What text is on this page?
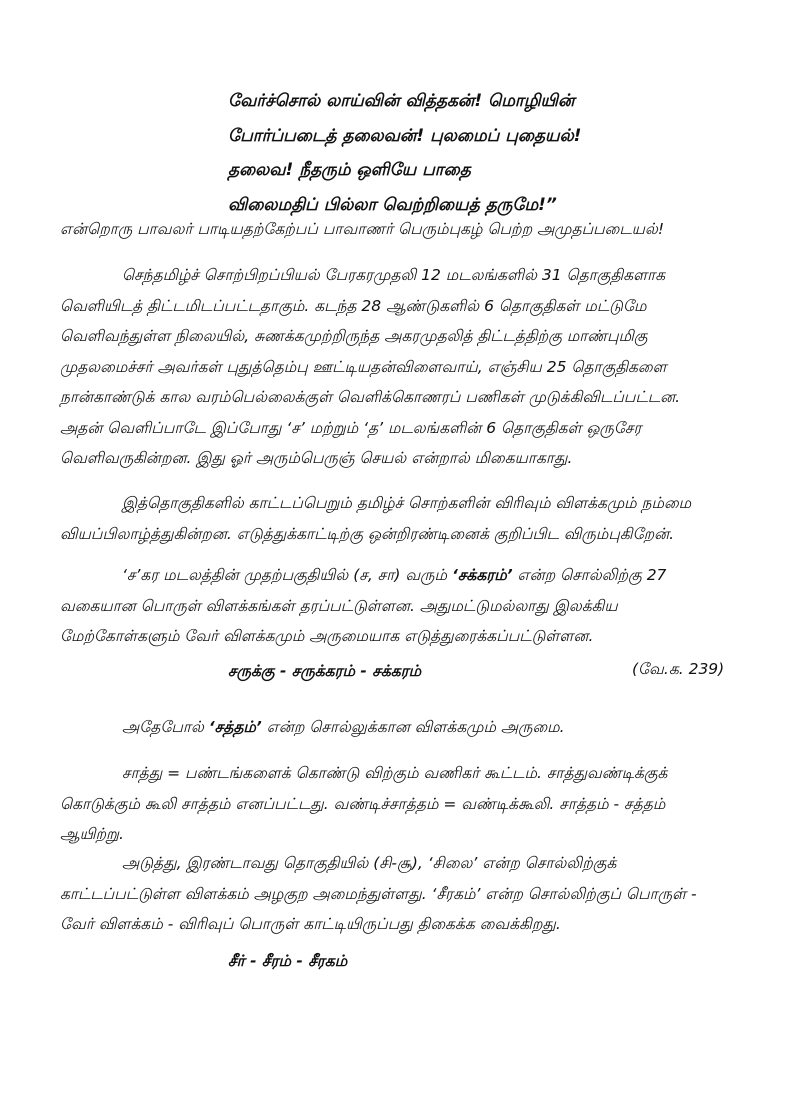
வேர்ச்சொல் லாய்வின் வித்தகன்! மொழியின்
போர்ப்படைத் தலைவன்! புலமைப் புதையல்!
தலைவ! நீதரும் ஒளியே பாதை
விலைமதிப் பில்லா வெற்றியைத் தருமே!”
என்றொரு பாவலர் பாடியதற்கேற்பப் பாவாணர் பெரும்புகழ் பெற்ற அமுதப்படையல்!
செந்தமிழ்ச் சொற்பிறப்பியல் பேரகரமுதலி 12 மடலங்களில் 31 தொகுதிகளாக
வெளியிடத் திட்டமிடப்பட்டதாகும். கடந்த 28 ஆண்டுகளில் 6 தொகுதிகள் மட்டுமே
வெளிவந்துள்ள நிலையில், சுணக்கமுற்றிருந்த அகரமுதலித் திட்டத்திற்கு மாண்புமிகு
முதலமைச்சர் அவர்கள் புதுத்தெம்பு ஊட்டியதன்விளைவாய், எஞ்சிய 25 தொகுதிகளை
நான்காண்டுக் கால வரம்பெல்லைக்குள் வெளிக்கொணரப் பணிகள் முடுக்கிவிடப்பட்டன.
அதன் வெளிப்பாடே இப்போது ‘ச’ மற்றும் ‘த’ மடலங்களின் 6 தொகுதிகள் ஒருசேர
வெளிவருகின்றன. இது ஓர் அரும்பெருஞ் செயல் என்றால் மிகையாகாது.
இத்தொகுதிகளில் காட்டப்பெறும் தமிழ்ச் சொற்களின் விரிவும் விளக்கமும் நம்மை
வியப்பிலாழ்த்துகின்றன. எடுத்துக்காட்டிற்கு ஒன்றிரண்டினைக் குறிப்பிட விரும்புகிறேன்.
‘ச’கர மடலத்தின் முதற்பகுதியில் (ச, சா) வரும் ‘சக்கரம்’ என்ற சொல்லிற்கு 27
வகையான பொருள் விளக்கங்கள் தரப்பட்டுள்ளன. அதுமட்டுமல்லாது இலக்கிய
மேற்கோள்களும் வேர் விளக்கமும் அருமையாக எடுத்துரைக்கப்பட்டுள்ளன.
சருக்கு - சருக்கரம் - சக்கரம்	(வே.க. 239)
அதேபோல் ‘சத்தம்’ என்ற சொல்லுக்கான விளக்கமும் அருமை.
சாத்து = பண்டங்களைக் கொண்டு விற்கும் வணிகர் கூட்டம். சாத்துவண்டிக்குக்
கொடுக்கும் கூலி சாத்தம் எனப்பட்டது. வண்டிச்சாத்தம் = வண்டிக்கூலி. சாத்தம் - சத்தம்
ஆயிற்று.
அடுத்து, இரண்டாவது தொகுதியில் (சி-சூ), ‘சிலை’ என்ற சொல்லிற்குக்
காட்டப்பட்டுள்ள விளக்கம் அழகுற அமைந்துள்ளது. ‘சீரகம்’ என்ற சொல்லிற்குப் பொருள் -
வேர் விளக்கம் - விரிவுப் பொருள் காட்டியிருப்பது திகைக்க வைக்கிறது.
சீர் - சீரம் - சீரகம்
